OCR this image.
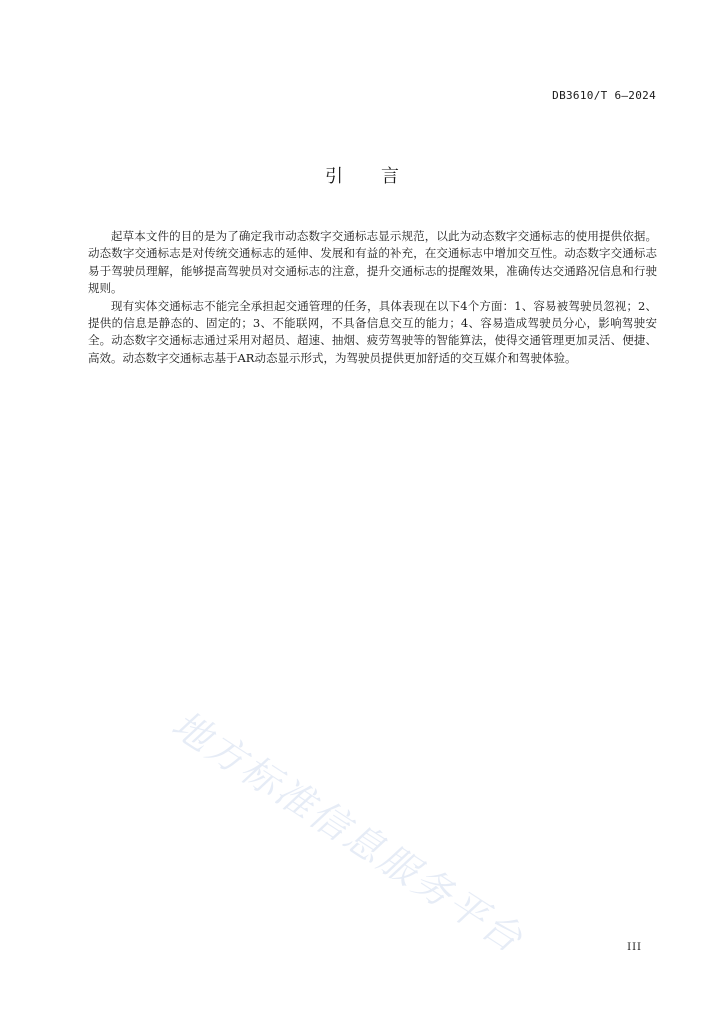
DB3610/T 6—2024
引言

起草本文件的目的是为了确定我市动态数字交通标志显示规范，以此为动态数字交通标志的使用提供依据。动态数字交通标志是对传统交通标志的延伸、发展和有益的补充，在交通标志中增加交互性。动态数字交通标志易于驾驶员理解，能够提高驾驶员对交通标志的注意，提升交通标志的提醒效果，准确传达交通路况信息和行驶规则。

现有实体交通标志不能完全承担起交通管理的任务，具体表现在以下4个方面：1、容易被驾驶员忽视；2、提供的信息是静态的、固定的；3、不能联网，不具备信息交互的能力；4、容易造成驾驶员分心，影响驾驶安全。动态数字交通标志通过采用对超员、超速、抽烟、疲劳驾驶等的智能算法，使得交通管理更加灵活、便捷、高效。动态数字交通标志基于AR动态显示形式，为驾驶员提供更加舒适的交互媒介和驾驶体验。

地方标准信息服务平台	III
